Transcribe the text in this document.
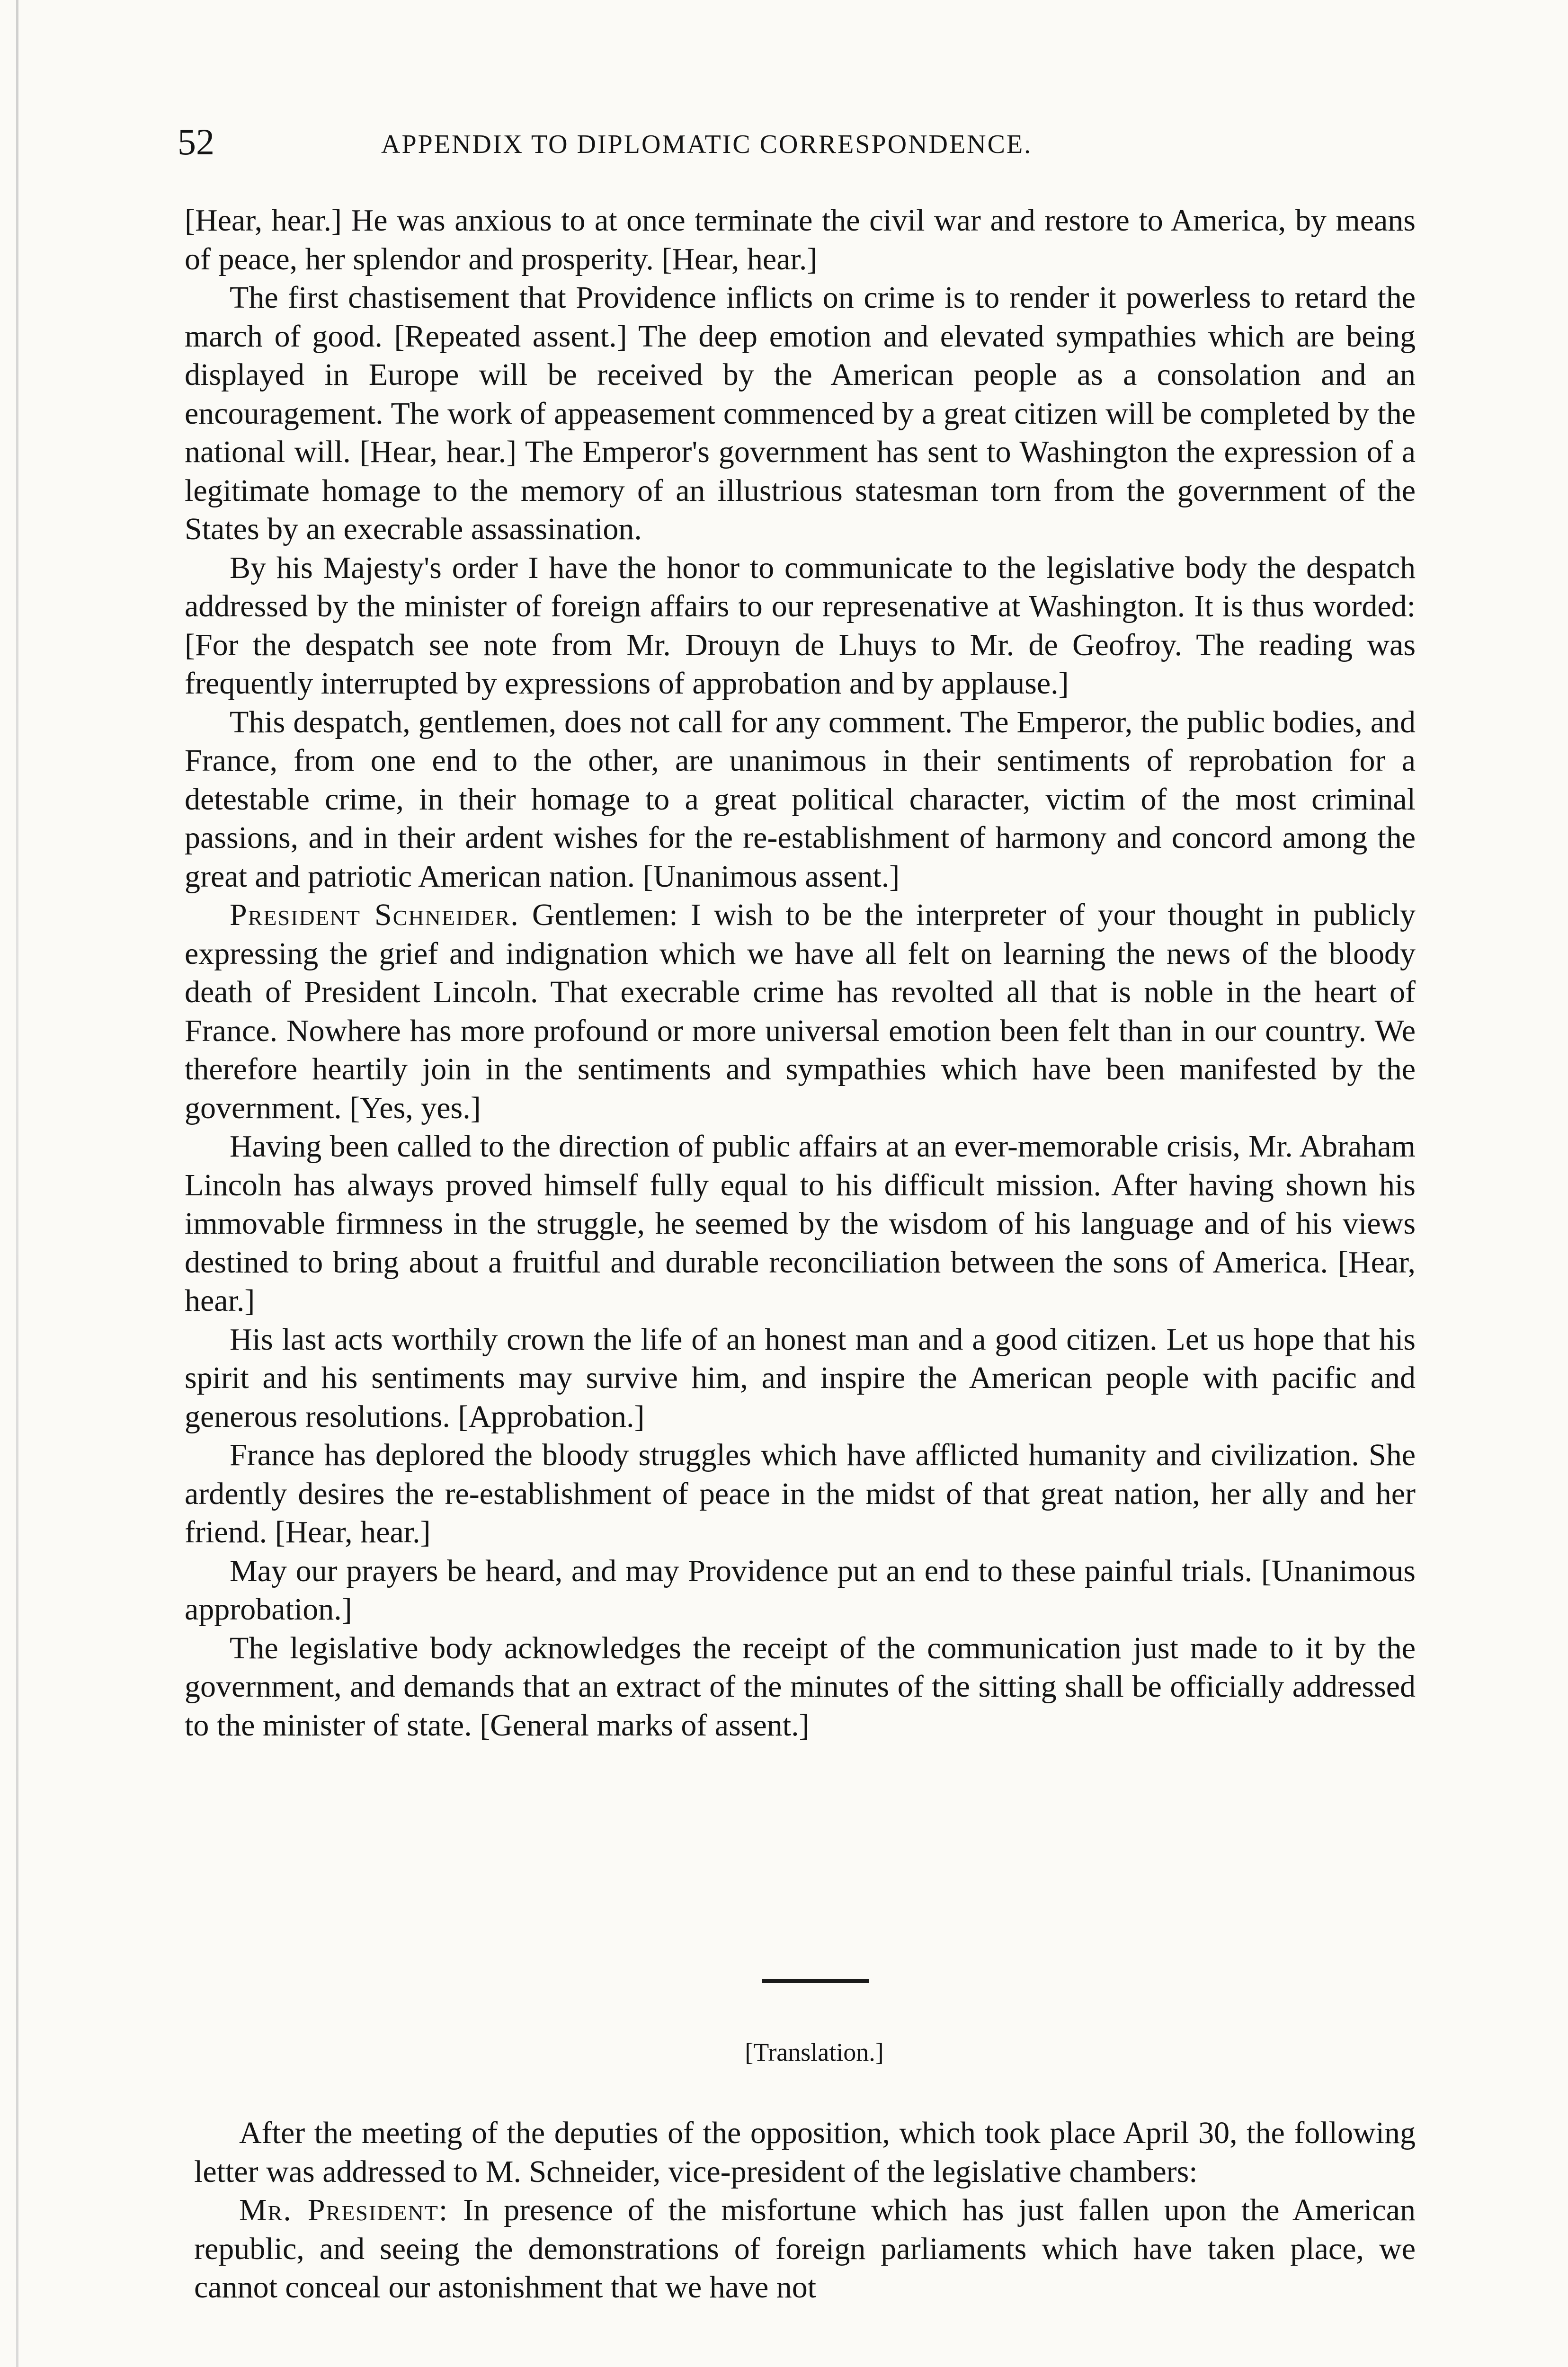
52	APPENDIX TO DIPLOMATIC CORRESPONDENCE.

[Hear, hear.] He was anxious to at once terminate the civil war and restore to America, by means of peace, her splendor and prosperity. [Hear, hear.]

The first chastisement that Providence inflicts on crime is to render it powerless to retard the march of good. [Repeated assent.] The deep emotion and elevated sympathies which are being displayed in Europe will be received by the American people as a consolation and an encouragement. The work of appeasement commenced by a great citizen will be completed by the national will. [Hear, hear.] The Emperor's government has sent to Washington the expression of a legitimate homage to the memory of an illustrious statesman torn from the government of the States by an execrable assassination.

By his Majesty's order I have the honor to communicate to the legislative body the despatch addressed by the minister of foreign affairs to our represenative at Washington. It is thus worded: [For the despatch see note from Mr. Drouyn de Lhuys to Mr. de Geofroy. The reading was frequently interrupted by expressions of approbation and by applause.]

This despatch, gentlemen, does not call for any comment. The Emperor, the public bodies, and France, from one end to the other, are unanimous in their sentiments of reprobation for a detestable crime, in their homage to a great political character, victim of the most criminal passions, and in their ardent wishes for the re-establishment of harmony and concord among the great and patriotic American nation. [Unanimous assent.]

President Schneider. Gentlemen: I wish to be the interpreter of your thought in publicly expressing the grief and indignation which we have all felt on learning the news of the bloody death of President Lincoln. That execrable crime has revolted all that is noble in the heart of France. Nowhere has more profound or more universal emotion been felt than in our country. We therefore heartily join in the sentiments and sympathies which have been manifested by the government. [Yes, yes.]

Having been called to the direction of public affairs at an ever-memorable crisis, Mr. Abraham Lincoln has always proved himself fully equal to his difficult mission. After having shown his immovable firmness in the struggle, he seemed by the wisdom of his language and of his views destined to bring about a fruitful and durable reconciliation between the sons of America. [Hear, hear.]

His last acts worthily crown the life of an honest man and a good citizen. Let us hope that his spirit and his sentiments may survive him, and inspire the American people with pacific and generous resolutions. [Approbation.]

France has deplored the bloody struggles which have afflicted humanity and civilization. She ardently desires the re-establishment of peace in the midst of that great nation, her ally and her friend. [Hear, hear.]

May our prayers be heard, and may Providence put an end to these painful trials. [Unanimous approbation.]

The legislative body acknowledges the receipt of the communication just made to it by the government, and demands that an extract of the minutes of the sitting shall be officially addressed to the minister of state. [General marks of assent.]

[Translation.]

After the meeting of the deputies of the opposition, which took place April 30, the following letter was addressed to M. Schneider, vice-president of the legislative chambers:

Mr. President: In presence of the misfortune which has just fallen upon the American republic, and seeing the demonstrations of foreign parliaments which have taken place, we cannot conceal our astonishment that we have not
